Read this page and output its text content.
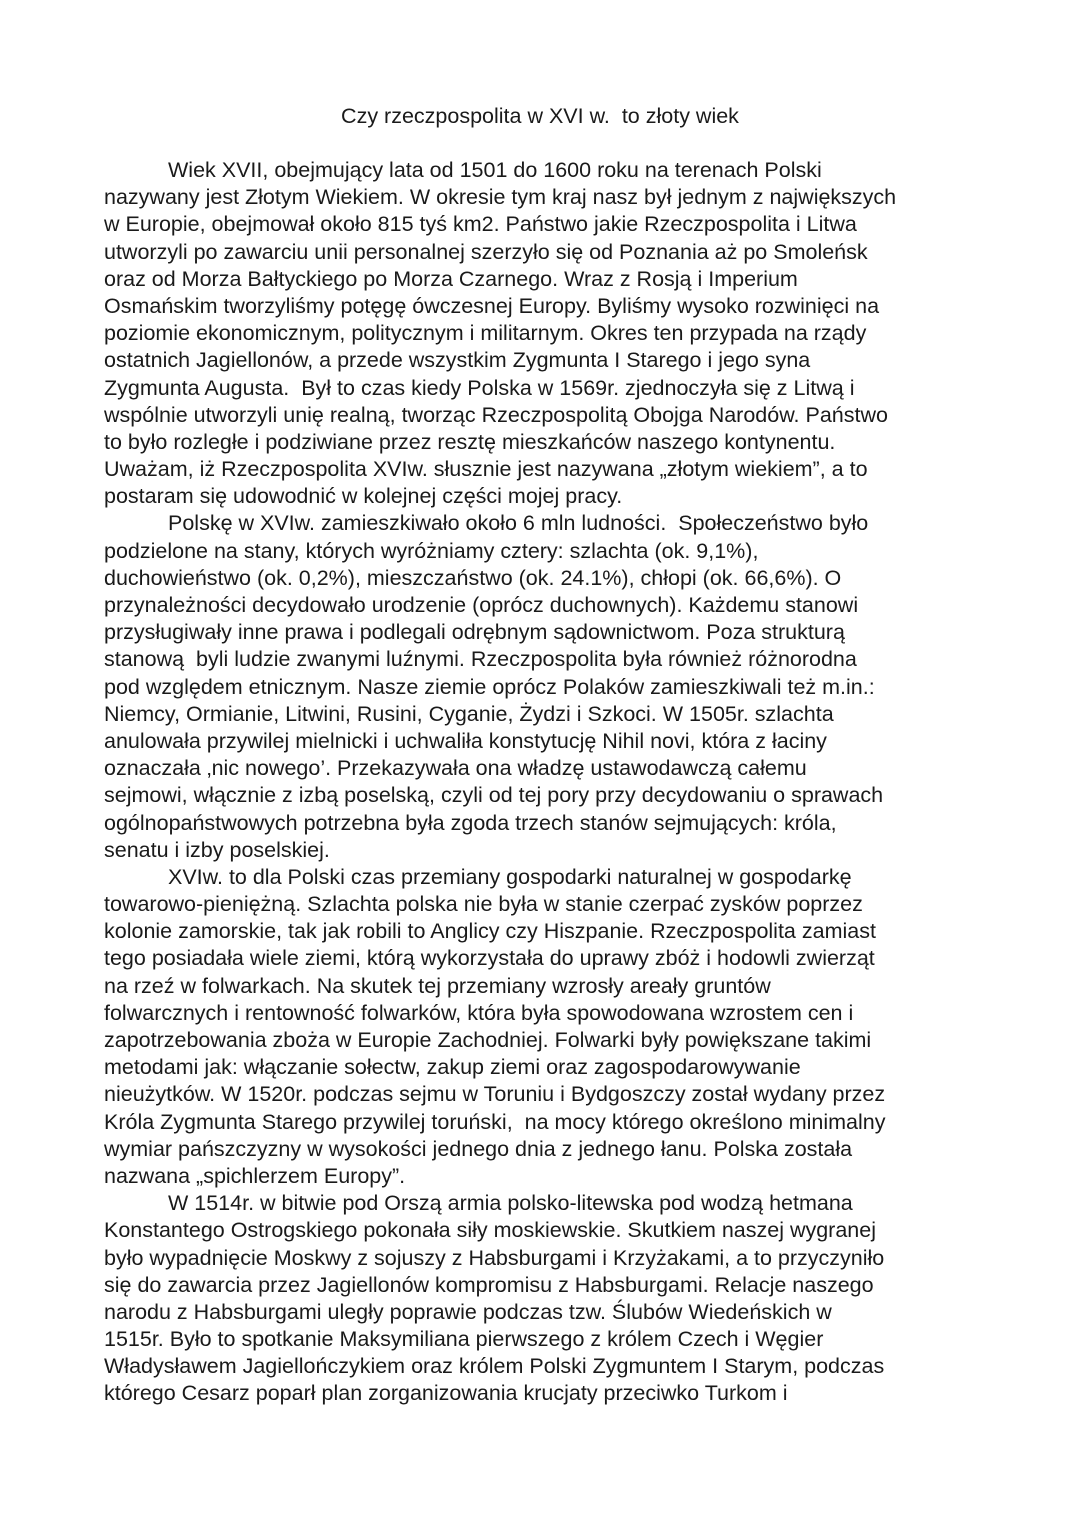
Czy rzeczpospolita w XVI w.  to złoty wiek
Wiek XVII, obejmujący lata od 1501 do 1600 roku na terenach Polski
nazywany jest Złotym Wiekiem. W okresie tym kraj nasz był jednym z największych
w Europie, obejmował około 815 tyś km2. Państwo jakie Rzeczpospolita i Litwa
utworzyli po zawarciu unii personalnej szerzyło się od Poznania aż po Smoleńsk
oraz od Morza Bałtyckiego po Morza Czarnego. Wraz z Rosją i Imperium
Osmańskim tworzyliśmy potęgę ówczesnej Europy. Byliśmy wysoko rozwinięci na
poziomie ekonomicznym, politycznym i militarnym. Okres ten przypada na rządy
ostatnich Jagiellonów, a przede wszystkim Zygmunta I Starego i jego syna
Zygmunta Augusta.  Był to czas kiedy Polska w 1569r. zjednoczyła się z Litwą i
wspólnie utworzyli unię realną, tworząc Rzeczpospolitą Obojga Narodów. Państwo
to było rozległe i podziwiane przez resztę mieszkańców naszego kontynentu.
Uważam, iż Rzeczpospolita XVIw. słusznie jest nazywana „złotym wiekiem”, a to
postaram się udowodnić w kolejnej części mojej pracy.
Polskę w XVIw. zamieszkiwało około 6 mln ludności.  Społeczeństwo było
podzielone na stany, których wyróżniamy cztery: szlachta (ok. 9,1%),
duchowieństwo (ok. 0,2%), mieszczaństwo (ok. 24.1%), chłopi (ok. 66,6%). O
przynależności decydowało urodzenie (oprócz duchownych). Każdemu stanowi
przysługiwały inne prawa i podlegali odrębnym sądownictwom. Poza strukturą
stanową  byli ludzie zwanymi luźnymi. Rzeczpospolita była również różnorodna
pod względem etnicznym. Nasze ziemie oprócz Polaków zamieszkiwali też m.in.:
Niemcy, Ormianie, Litwini, Rusini, Cyganie, Żydzi i Szkoci. W 1505r. szlachta
anulowała przywilej mielnicki i uchwaliła konstytucję Nihil novi, która z łaciny
oznaczała ‚nic nowego’. Przekazywała ona władzę ustawodawczą całemu
sejmowi, włącznie z izbą poselską, czyli od tej pory przy decydowaniu o sprawach
ogólnopaństwowych potrzebna była zgoda trzech stanów sejmujących: króla,
senatu i izby poselskiej.
XVIw. to dla Polski czas przemiany gospodarki naturalnej w gospodarkę
towarowo-pieniężną. Szlachta polska nie była w stanie czerpać zysków poprzez
kolonie zamorskie, tak jak robili to Anglicy czy Hiszpanie. Rzeczpospolita zamiast
tego posiadała wiele ziemi, którą wykorzystała do uprawy zbóż i hodowli zwierząt
na rzeź w folwarkach. Na skutek tej przemiany wzrosły areały gruntów
folwarcznych i rentowność folwarków, która była spowodowana wzrostem cen i
zapotrzebowania zboża w Europie Zachodniej. Folwarki były powiększane takimi
metodami jak: włączanie sołectw, zakup ziemi oraz zagospodarowywanie
nieużytków. W 1520r. podczas sejmu w Toruniu i Bydgoszczy został wydany przez
Króla Zygmunta Starego przywilej toruński,  na mocy którego określono minimalny
wymiar pańszczyzny w wysokości jednego dnia z jednego łanu. Polska została
nazwana „spichlerzem Europy”.
W 1514r. w bitwie pod Orszą armia polsko-litewska pod wodzą hetmana
Konstantego Ostrogskiego pokonała siły moskiewskie. Skutkiem naszej wygranej
było wypadnięcie Moskwy z sojuszy z Habsburgami i Krzyżakami, a to przyczyniło
się do zawarcia przez Jagiellonów kompromisu z Habsburgami. Relacje naszego
narodu z Habsburgami uległy poprawie podczas tzw. Ślubów Wiedeńskich w
1515r. Było to spotkanie Maksymiliana pierwszego z królem Czech i Węgier
Władysławem Jagiellończykiem oraz królem Polski Zygmuntem I Starym, podczas
którego Cesarz poparł plan zorganizowania krucjaty przeciwko Turkom i
